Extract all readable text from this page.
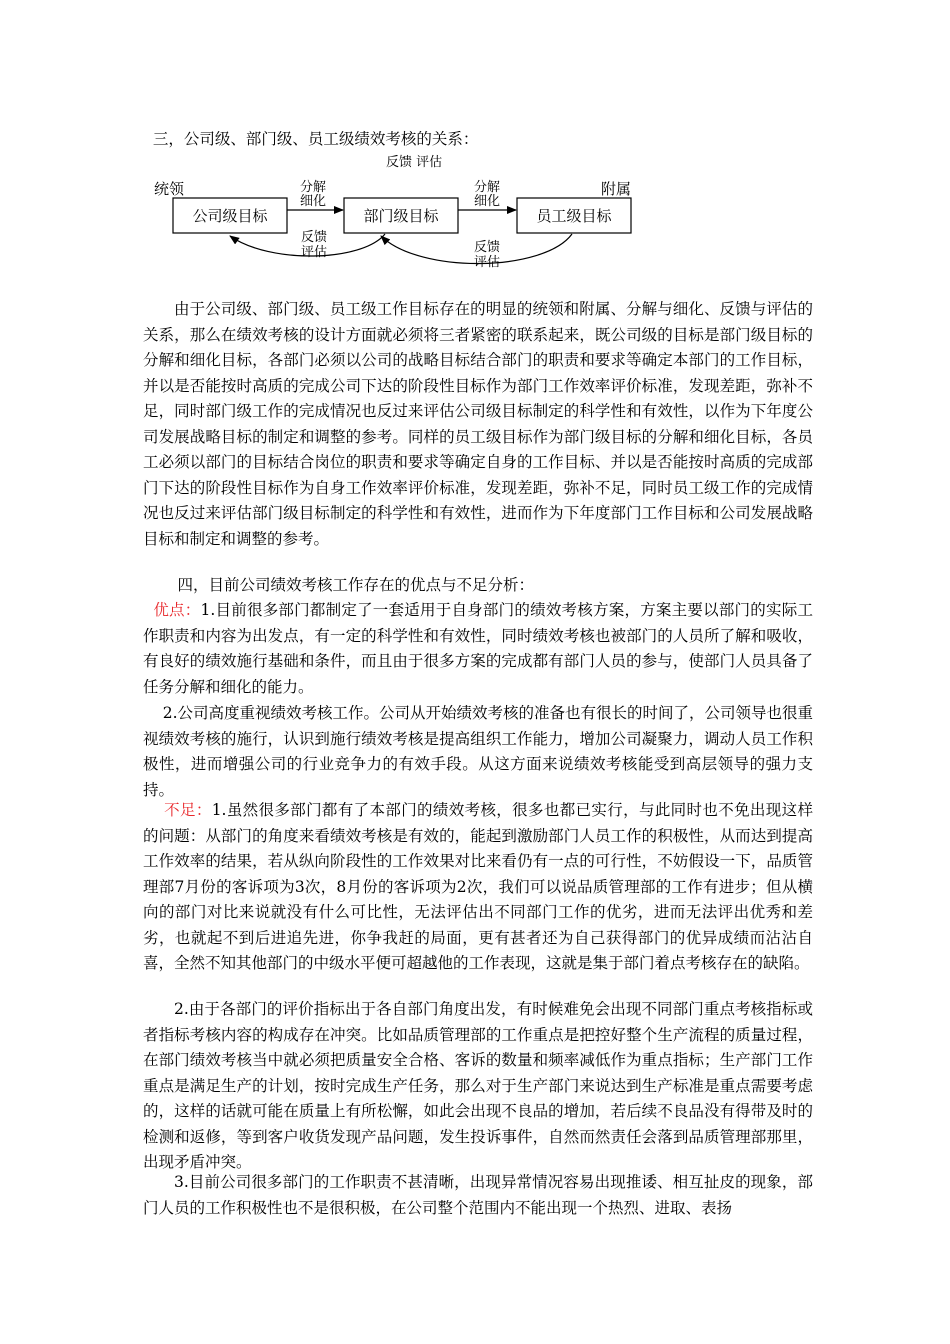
三，公司级、部门级、员工级绩效考核的关系：

反馈 评估
统领	附属
公司级目标	部门级目标	员工级目标
分解
细化
分解
细化
反馈
评估	反馈
评估

由于公司级、部门级、员工级工作目标存在的明显的统领和附属、分解与细化、反馈与评估的关系，那么在绩效考核的设计方面就必须将三者紧密的联系起来，既公司级的目标是部门级目标的分解和细化目标，各部门必须以公司的战略目标结合部门的职责和要求等确定本部门的工作目标，并以是否能按时高质的完成公司下达的阶段性目标作为部门工作效率评价标准，发现差距，弥补不足，同时部门级工作的完成情况也反过来评估公司级目标制定的科学性和有效性，以作为下年度公司发展战略目标的制定和调整的参考。同样的员工级目标作为部门级目标的分解和细化目标，各员工必须以部门的目标结合岗位的职责和要求等确定自身的工作目标、并以是否能按时高质的完成部门下达的阶段性目标作为自身工作效率评价标准，发现差距，弥补不足，同时员工级工作的完成情况也反过来评估部门级目标制定的科学性和有效性，进而作为下年度部门工作目标和公司发展战略目标和制定和调整的参考。

四，目前公司绩效考核工作存在的优点与不足分析：

优点：1.目前很多部门都制定了一套适用于自身部门的绩效考核方案，方案主要以部门的实际工作职责和内容为出发点，有一定的科学性和有效性，同时绩效考核也被部门的人员所了解和吸收，有良好的绩效施行基础和条件，而且由于很多方案的完成都有部门人员的参与，使部门人员具备了任务分解和细化的能力。

2.公司高度重视绩效考核工作。公司从开始绩效考核的准备也有很长的时间了，公司领导也很重视绩效考核的施行，认识到施行绩效考核是提高组织工作能力，增加公司凝聚力，调动人员工作积极性，进而增强公司的行业竞争力的有效手段。从这方面来说绩效考核能受到高层领导的强力支持。

不足：1.虽然很多部门都有了本部门的绩效考核，很多也都已实行，与此同时也不免出现这样的问题：从部门的角度来看绩效考核是有效的，能起到激励部门人员工作的积极性，从而达到提高工作效率的结果，若从纵向阶段性的工作效果对比来看仍有一点的可行性，不妨假设一下，品质管理部7月份的客诉项为3次，8月份的客诉项为2次，我们可以说品质管理部的工作有进步；但从横向的部门对比来说就没有什么可比性，无法评估出不同部门工作的优劣，进而无法评出优秀和差劣，也就起不到后进追先进，你争我赶的局面，更有甚者还为自己获得部门的优异成绩而沾沾自喜，全然不知其他部门的中级水平便可超越他的工作表现，这就是集于部门着点考核存在的缺陷。

2.由于各部门的评价指标出于各自部门角度出发，有时候难免会出现不同部门重点考核指标或者指标考核内容的构成存在冲突。比如品质管理部的工作重点是把控好整个生产流程的质量过程，在部门绩效考核当中就必须把质量安全合格、客诉的数量和频率减低作为重点指标；生产部门工作重点是满足生产的计划，按时完成生产任务，那么对于生产部门来说达到生产标准是重点需要考虑的，这样的话就可能在质量上有所松懈，如此会出现不良品的增加，若后续不良品没有得带及时的检测和返修，等到客户收货发现产品问题，发生投诉事件，自然而然责任会落到品质管理部那里，出现矛盾冲突。

3.目前公司很多部门的工作职责不甚清晰，出现异常情况容易出现推诿、相互扯皮的现象，部门人员的工作积极性也不是很积极，在公司整个范围内不能出现一个热烈、进取、表扬
